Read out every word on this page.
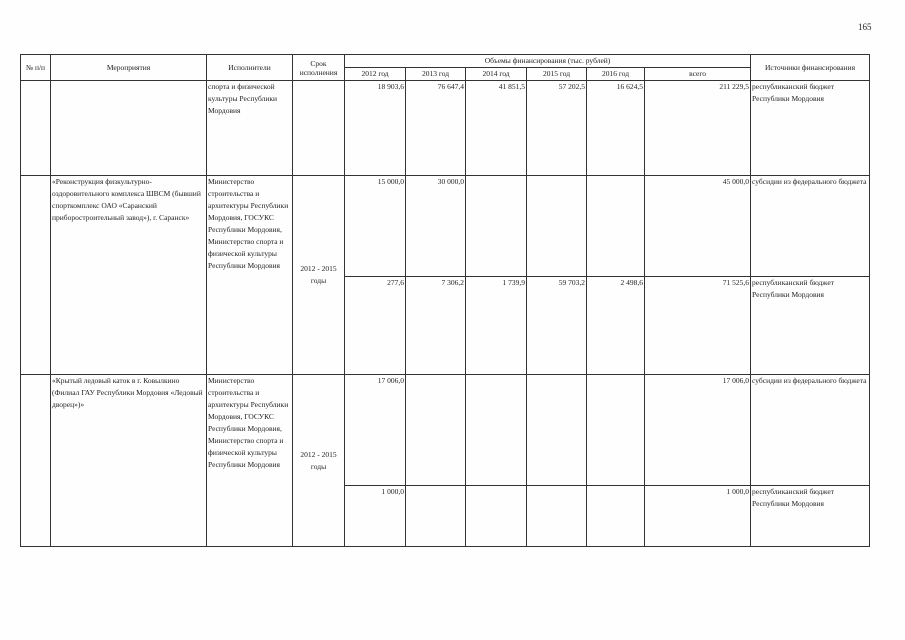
165
№ п/п	Мероприятия	Исполнители	Срок исполнения	Объемы финансирования (тыс. рублей)						Источники финансирования
				2012 год	2013 год	2014 год	2015 год	2016 год	всего	
		спорта и физической культуры Республики Мордовия		18 903,6	76 647,4	41 851,5	57 202,5	16 624,5	211 229,5	республиканский бюджет Республики Мордовия
	«Реконструкция физкультурно-оздоровительного комплекса ШВСМ (бывший спорткомплекс ОАО «Саранский приборостроительный завод»), г. Саранск»	Министерство строительства и архитектуры Республики Мордовия, ГОСУКС Республики Мордовия, Министерство спорта и физической культуры Республики Мордовия	2012 - 2015 годы	15 000,0	30 000,0				45 000,0	субсидии из федерального бюджета
				277,6	7 306,2	1 739,9	59 703,2	2 498,6	71 525,6	республиканский бюджет Республики Мордовия
	«Крытый ледовый каток в г. Ковылкино (Филиал ГАУ Республики Мордовия «Ледовый дворец»)»	Министерство строительства и архитектуры Республики Мордовия, ГОСУКС Республики Мордовия, Министерство спорта и физической культуры Республики Мордовия	2012 - 2015 годы	17 006,0					17 006,0	субсидии из федерального бюджета
				1 000,0					1 000,0	республиканский бюджет Республики Мордовия
